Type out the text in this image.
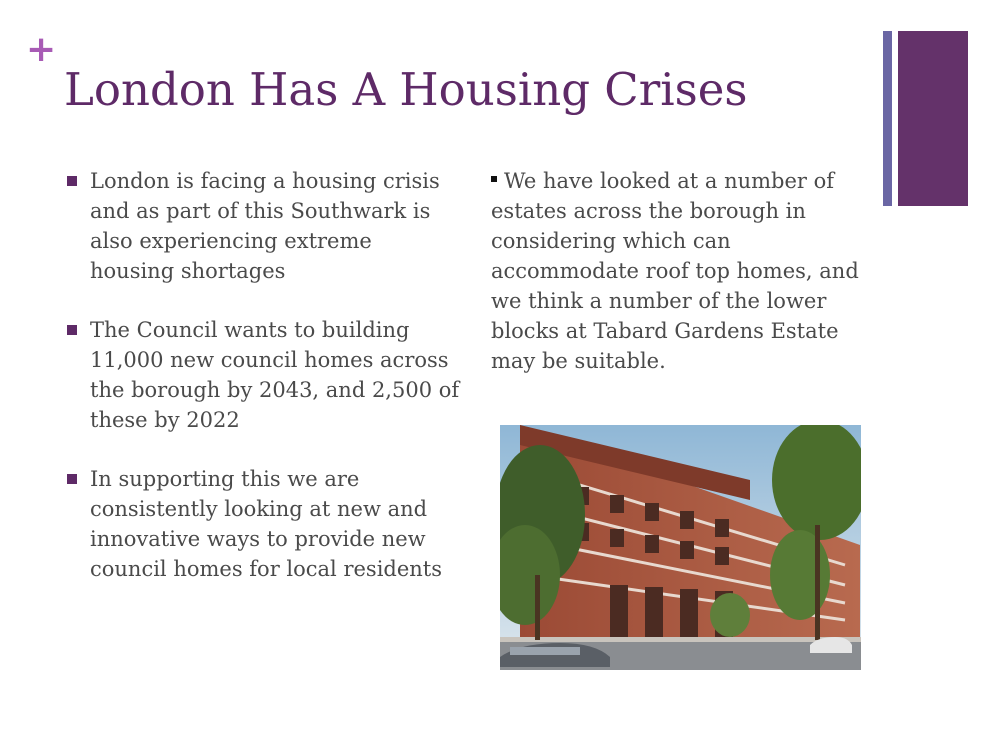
+
London Has A Housing Crises
London is facing a housing crisis and as part of this Southwark is also experiencing extreme housing shortages
The Council wants to building 11,000 new council homes across the borough by 2043, and 2,500 of these by 2022
In supporting this we are consistently looking at new and innovative ways to provide new council homes for local residents

We have looked at a number of estates across the borough in considering which can accommodate roof top homes, and we think a number of the lower blocks at Tabard Gardens Estate may be suitable.
